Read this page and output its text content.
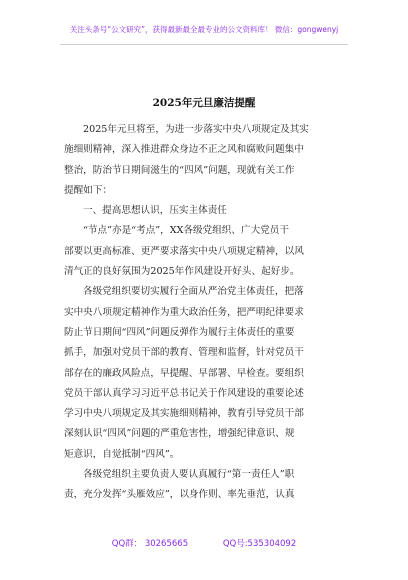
关注头条号“公文研究”，获得最新最全最专业的公文资料库！ 微信：gongwenyj
2025年元旦廉洁提醒
2025年元旦将至，为进一步落实中央八项规定及其实
施细则精神，深入推进群众身边不正之风和腐败问题集中
整治，防治节日期间滋生的“四风”问题，现就有关工作
提醒如下：
一、提高思想认识，压实主体责任
“节点”亦是“考点”，XX各级党组织、广大党员干
部要以更高标准、更严要求落实中央八项规定精神，以风
清气正的良好氛围为2025年作风建设开好头、起好步。
各级党组织要切实履行全面从严治党主体责任，把落
实中央八项规定精神作为重大政治任务，把严明纪律要求
防止节日期间“四风”问题反弹作为履行主体责任的重要
抓手，加强对党员干部的教育、管理和监督，针对党员干
部存在的廉政风险点，早提醒、早部署、早检查。要组织
党员干部认真学习习近平总书记关于作风建设的重要论述
学习中央八项规定及其实施细则精神，教育引导党员干部
深刻认识“四风”问题的严重危害性，增强纪律意识、规
矩意识，自觉抵制“四风”。
各级党组织主要负责人要认真履行“第一责任人”职
责，充分发挥“头雁效应”，以身作则、率先垂范，认真
QQ群： 30265665	QQ号:535304092
